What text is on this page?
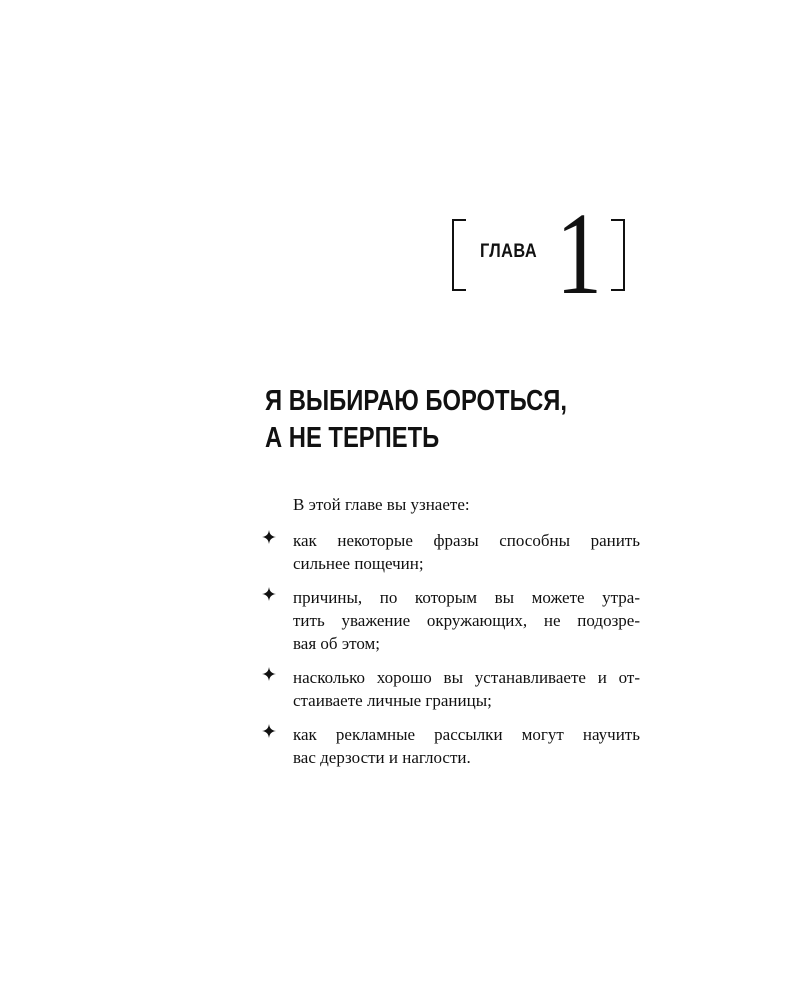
ГЛАВА 1
Я ВЫБИРАЮ БОРОТЬСЯ,
А НЕ ТЕРПЕТЬ

В этой главе вы узнаете:

как некоторые фразы способны ранить
сильнее пощечин;
причины, по которым вы можете утра-
тить уважение окружающих, не подозре-
вая об этом;
насколько хорошо вы устанавливаете и от-
стаиваете личные границы;
как рекламные рассылки могут научить
вас дерзости и наглости.
